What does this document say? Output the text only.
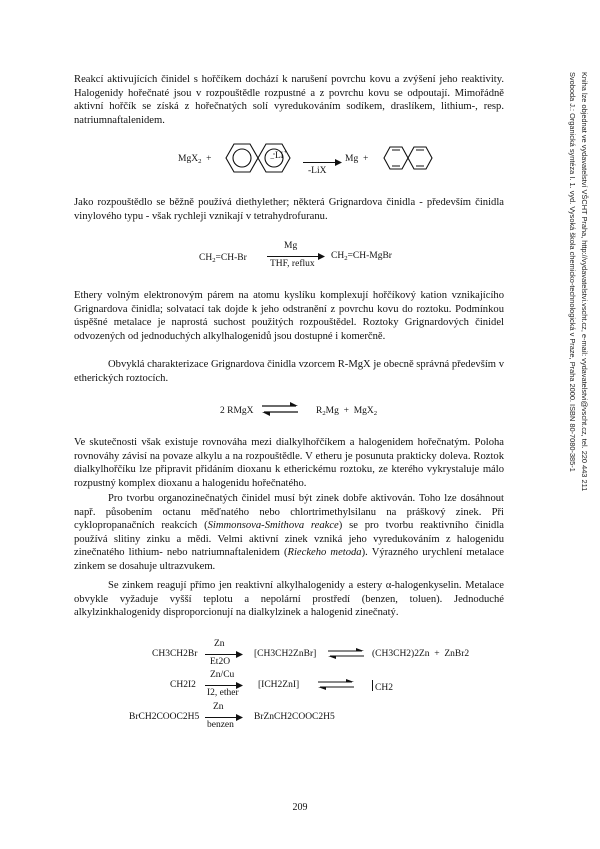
Reakcí aktivujících činidel s hořčíkem dochází k narušení povrchu kovu a zvýšení jeho reaktivity. Halogenidy hořečnaté jsou v rozpouštědle rozpustné a z povrchu kovu se odpoutají. Mimořádně aktivní hořčík se získá z hořečnatých solí vyredukováním sodíkem, draslíkem, lithium-, resp. natriumnaftalenidem.

MgX$_2$ +	− Li+
-LiX
Mg +

Jako rozpouštědlo se běžně používá diethylether; některá Grignardova činidla - především činidla vinylového typu - však rychleji vznikají v tetrahydrofuranu.

$CH_2=CH-Br$
Mg
THF, reflux
$CH_2=CH$-MgBr

Ethery volným elektronovým párem na atomu kyslíku komplexují hořčíkový kation vznikajícího Grignardova činidla; solvatací tak dojde k jeho odstranění z povrchu kovu do roztoku. Podmínkou úspěšné metalace je naprostá suchost použitých rozpouštědel. Roztoky Grignardových činidel odvozených od jednoduchých alkylhalogenidů jsou dostupné i komerčně.

Obvyklá charakterizace Grignardova činidla vzorcem R-MgX je obecně správná především v etherických roztocích.

2 RMgX ⇌ $R_2Mg + MgX_2$

Ve skutečnosti však existuje rovnováha mezi dialkylhořčíkem a halogenidem hořečnatým. Poloha rovnováhy závisí na povaze alkylu a na rozpouštědle. V etheru je posunuta prakticky doleva. Roztok dialkylhořčíku lze připravit přidáním dioxanu k etherickému roztoku, ze kterého vykrystaluje málo rozpustný komplex dioxanu a halogenidu hořečnatého.

Pro tvorbu organozinečnatých činidel musí být zinek dobře aktivován. Toho lze dosáhnout např. působením octanu měďnatého nebo chlortrimethylsilanu na práškový zinek. Při cyklopropanačních reakcích (Simmonsova-Smithova reakce) se pro tvorbu reaktivního činidla používá slitiny zinku a mědi. Velmi aktivní zinek vzniká jeho vyredukováním z halogenidu zinečnatého lithium- nebo natriumnaftalenidem (Rieckeho metoda). Výrazného urychlení metalace zinkem se dosahuje ultrazvukem.

Se zinkem reagují přímo jen reaktivní alkylhalogenidy a estery α-halogenkyselin. Metalace obvykle vyžaduje vyšší teplotu a nepolární prostředí (benzen, toluen). Jednoduché alkylzinkhalogenidy disproporcionují na dialkylzinek a halogenid zinečnatý.

CH3CH2Br
Zn
Et2O
[CH3CH2ZnBr] ⇌ (CH3CH2)2Zn  +  ZnBr2
CH2I2
Zn/Cu
I2, ether
[ICH2ZnI] ⇌	CH2
BrCH2COOC2H5
Zn
benzen
BrZnCH2COOC2H5
Svoboda J.: Organická syntéza I. 1. vyd. Vysoká škola chemicko-technologická v Praze, Praha 2000. ISBN 80-7080-385-1 Kniha lze objednat ve vydavatelství VŠCHT Praha, http://vydavatelstvi.vscht.cz, e-mail: vydavatelstvi@vscht.cz, tel. 220 443 211
209
